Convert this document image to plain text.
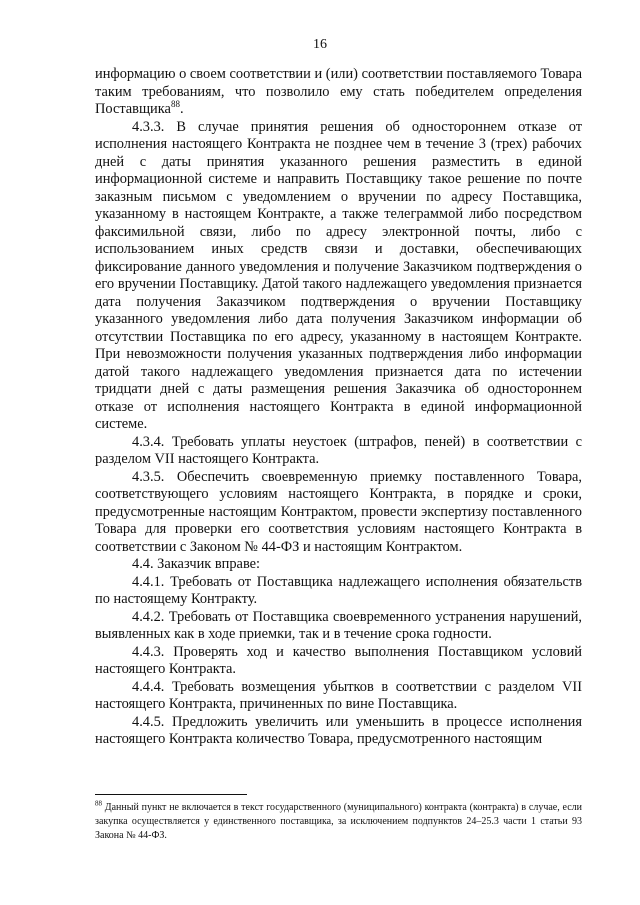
16

информацию о своем соответствии и (или) соответствии поставляемого Товара таким требованиям, что позволило ему стать победителем определения Поставщика$^{88}$.

4.3.3. В случае принятия решения об одностороннем отказе от исполнения настоящего Контракта не позднее чем в течение 3 (трех) рабочих дней с даты принятия указанного решения разместить в единой информационной системе и направить Поставщику такое решение по почте заказным письмом с уведомлением о вручении по адресу Поставщика, указанному в настоящем Контракте, а также телеграммой либо посредством факсимильной связи, либо по адресу электронной почты, либо с использованием иных средств связи и доставки, обеспечивающих фиксирование данного уведомления и получение Заказчиком подтверждения о его вручении Поставщику. Датой такого надлежащего уведомления признается дата получения Заказчиком подтверждения о вручении Поставщику указанного уведомления либо дата получения Заказчиком информации об отсутствии Поставщика по его адресу, указанному в настоящем Контракте. При невозможности получения указанных подтверждения либо информации датой такого надлежащего уведомления признается дата по истечении тридцати дней с даты размещения решения Заказчика об одностороннем отказе от исполнения настоящего Контракта в единой информационной системе.

4.3.4. Требовать уплаты неустоек (штрафов, пеней) в соответствии с разделом VII настоящего Контракта.

4.3.5. Обеспечить своевременную приемку поставленного Товара, соответствующего условиям настоящего Контракта, в порядке и сроки, предусмотренные настоящим Контрактом, провести экспертизу поставленного Товара для проверки его соответствия условиям настоящего Контракта в соответствии с Законом № 44-ФЗ и настоящим Контрактом.

4.4. Заказчик вправе:

4.4.1. Требовать от Поставщика надлежащего исполнения обязательств по настоящему Контракту.

4.4.2. Требовать от Поставщика своевременного устранения нарушений, выявленных как в ходе приемки, так и в течение срока годности.

4.4.3. Проверять ход и качество выполнения Поставщиком условий настоящего Контракта.

4.4.4. Требовать возмещения убытков в соответствии с разделом VII настоящего Контракта, причиненных по вине Поставщика.

4.4.5. Предложить увеличить или уменьшить в процессе исполнения настоящего Контракта количество Товара, предусмотренного настоящим

$^{88}$ Данный пункт не включается в текст государственного (муниципального) контракта (контракта) в случае, если закупка осуществляется у единственного поставщика, за исключением подпунктов 24–25.3 части 1 статьи 93 Закона № 44-ФЗ.
